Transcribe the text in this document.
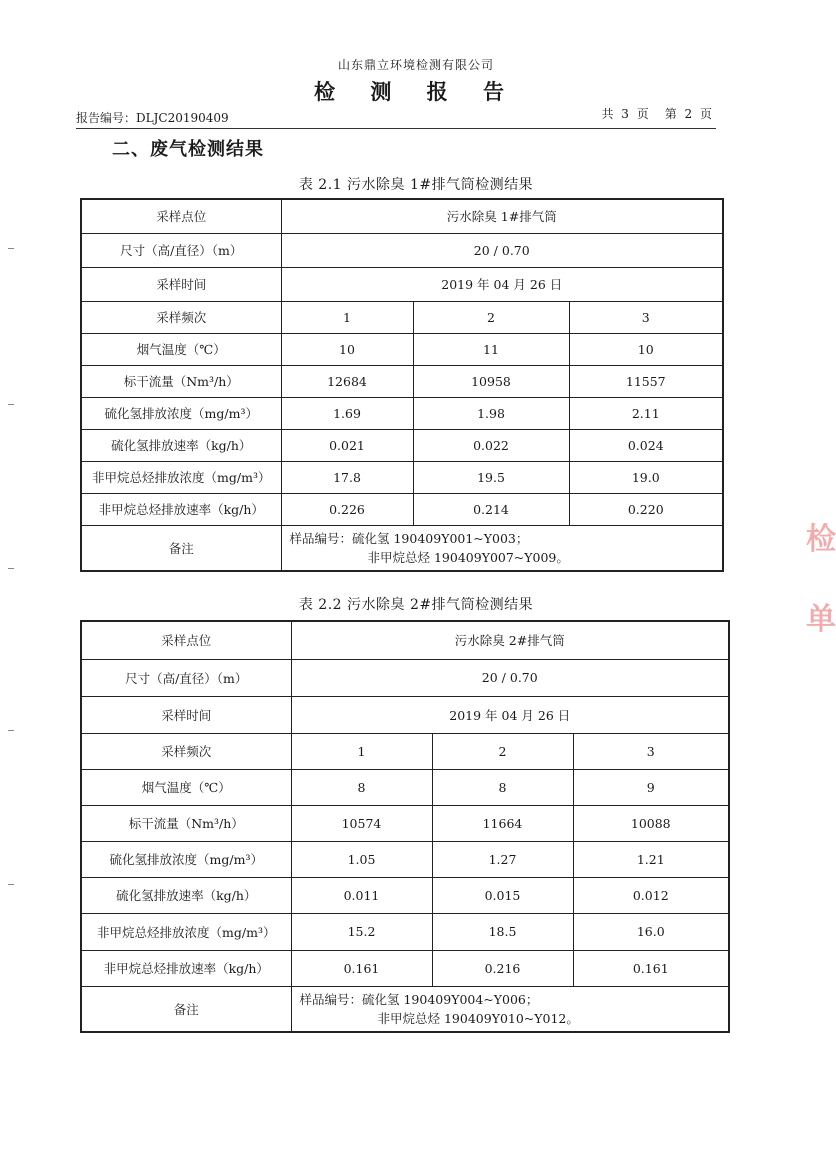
山东鼎立环境检测有限公司
检 测 报 告
报告编号：DLJC20190409	共 3 页　第 2 页
二、废气检测结果
表 2.1 污水除臭 1#排气筒检测结果
采样点位	污水除臭 1#排气筒		
尺寸（高/直径）（m）	20 / 0.70		
采样时间	2019 年 04 月 26 日		
采样频次	1	2	3
烟气温度（℃）	10	11	10
标干流量（Nm³/h）	12684	10958	11557
硫化氢排放浓度（mg/m³）	1.69	1.98	2.11
硫化氢排放速率（kg/h）	0.021	0.022	0.024
非甲烷总烃排放浓度（mg/m³）	17.8	19.5	19.0
非甲烷总烃排放速率（kg/h）	0.226	0.214	0.220
备注	样品编号：硫化氢 190409Y001~Y003；
非甲烷总烃 190409Y007~Y009。		
表 2.2 污水除臭 2#排气筒检测结果
采样点位	污水除臭 2#排气筒		
尺寸（高/直径）（m）	20 / 0.70		
采样时间	2019 年 04 月 26 日		
采样频次	1	2	3
烟气温度（℃）	8	8	9
标干流量（Nm³/h）	10574	11664	10088
硫化氢排放浓度（mg/m³）	1.05	1.27	1.21
硫化氢排放速率（kg/h）	0.011	0.015	0.012
非甲烷总烃排放浓度（mg/m³）	15.2	18.5	16.0
非甲烷总烃排放速率（kg/h）	0.161	0.216	0.161
备注	样品编号：硫化氢 190409Y004~Y006；
非甲烷总烃 190409Y010~Y012。		
检 单
